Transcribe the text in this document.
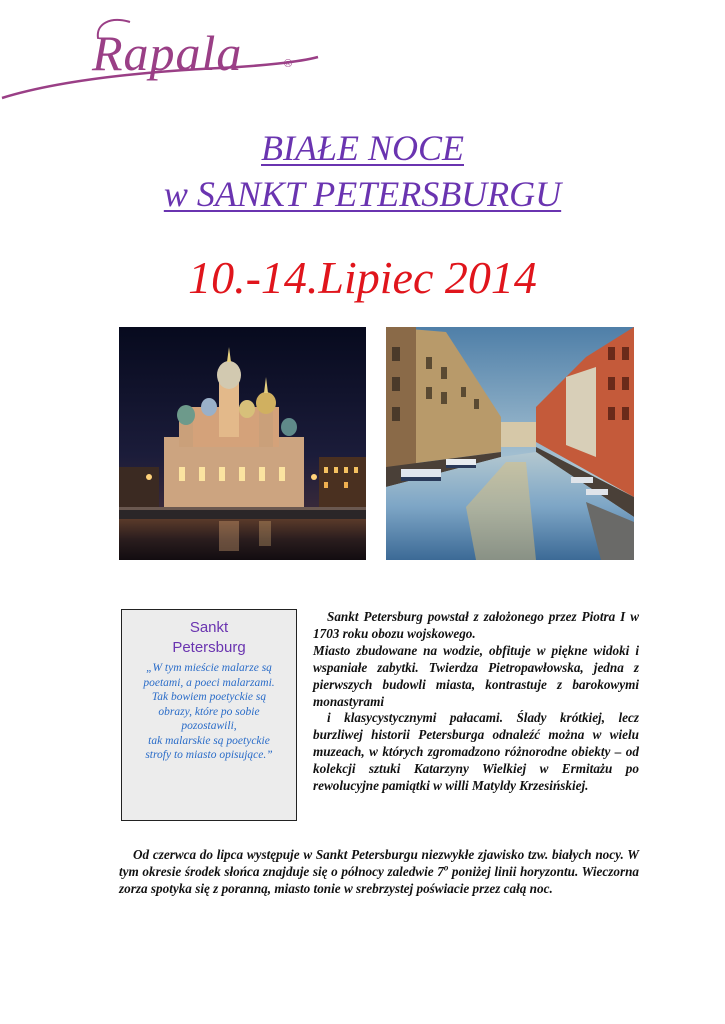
Rapala	®
BIAŁE NOCE
w SANKT PETERSBURGU
10.-14.Lipiec 2014
Sankt
Petersburg
„W tym mieście malarze są
poetami, a poeci malarzami.
Tak bowiem poetyckie są
obrazy, które po sobie
pozostawili,
tak malarskie są poetyckie
strofy to miasto opisujące.”

Sankt Petersburg powstał z założonego przez Piotra I w 1703 roku obozu wojskowego.

Miasto zbudowane na wodzie, obfituje w piękne widoki i wspaniałe zabytki. Twierdza Pietropawłowska, jedna z pierwszych budowli miasta, kontrastuje z barokowymi monastyrami

i klasycystycznymi pałacami. Ślady krótkiej, lecz burzliwej historii Petersburga odnaleźć można w wielu muzeach, w których zgromadzono różnorodne obiekty – od kolekcji sztuki Katarzyny Wielkiej w Ermitażu po rewolucyjne pamiątki w willi Matyldy Krzesińskiej.

Od czerwca do lipca występuje w Sankt Petersburgu niezwykłe zjawisko tzw. białych nocy. W tym okresie środek słońca znajduje się o północy zaledwie 7$^o$ poniżej linii horyzontu. Wieczorna zorza spotyka się z poranną, miasto tonie w srebrzystej poświacie przez całą noc.
